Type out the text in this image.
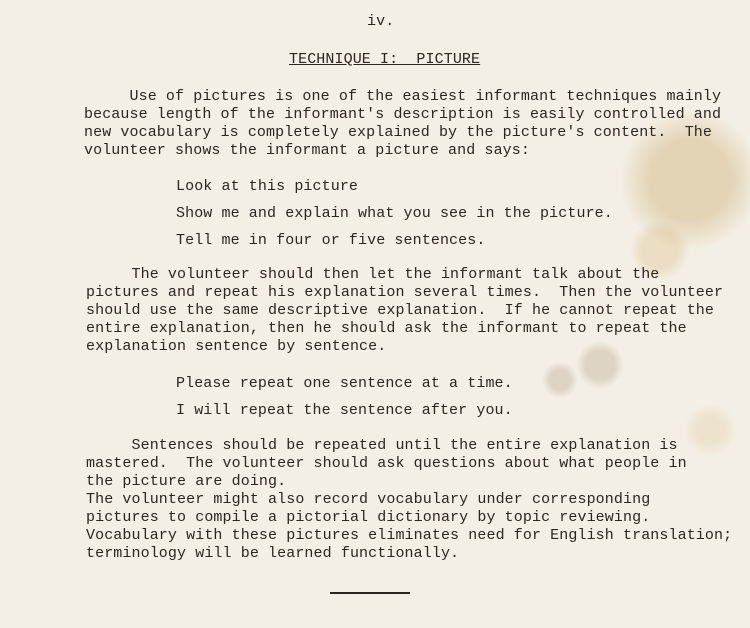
iv.
TECHNIQUE I:  PICTURE
Use of pictures is one of the easiest informant techniques mainly
because length of the informant's description is easily controlled and
new vocabulary is completely explained by the picture's content.  The
volunteer shows the informant a picture and says:
Look at this picture
Show me and explain what you see in the picture.
Tell me in four or five sentences.
The volunteer should then let the informant talk about the
pictures and repeat his explanation several times.  Then the volunteer
should use the same descriptive explanation.  If he cannot repeat the
entire explanation, then he should ask the informant to repeat the
explanation sentence by sentence.
Please repeat one sentence at a time.
I will repeat the sentence after you.
Sentences should be repeated until the entire explanation is
mastered.  The volunteer should ask questions about what people in
the picture are doing.
The volunteer might also record vocabulary under corresponding
pictures to compile a pictorial dictionary by topic reviewing.
Vocabulary with these pictures eliminates need for English translation;
terminology will be learned functionally.
